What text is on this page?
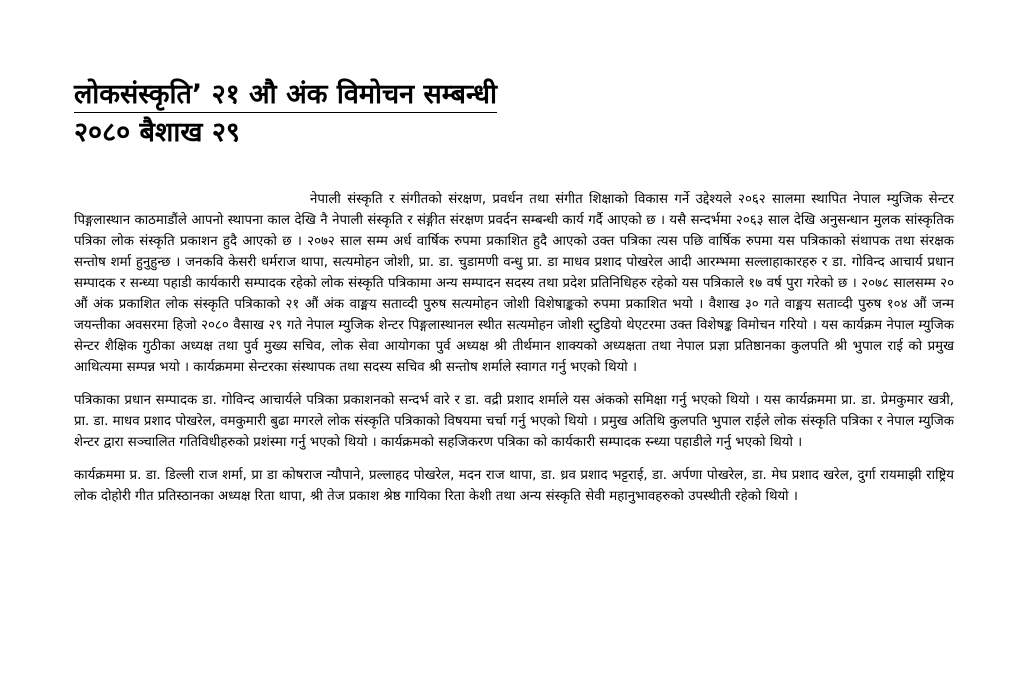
लोकसंस्कृति’ २१ औ अंक विमोचन सम्बन्धी
२०८० बैशाख २९

नेपाली संस्कृति र संगीतको संरक्षण, प्रवर्धन तथा संगीत शिक्षाको विकास गर्ने उद्देश्यले २०६२ सालमा स्थापित नेपाल म्युजिक सेन्टर पिङ्गलास्थान काठमाडौंले आपनो स्थापना काल देखि नै नेपाली संस्कृति र संङ्गीत संरक्षण प्रवर्दन सम्बन्धी कार्य गर्दै आएको छ । यसै सन्दर्भमा २०६३ साल देखि अनुसन्धान मुलक सांस्कृतिक पत्रिका लोक संस्कृति प्रकाशन हुदै आएको छ । २०७२ साल सम्म अर्ध वार्षिक रुपमा प्रकाशित हुदै आएको उक्त पत्रिका त्यस पछि वार्षिक रुपमा यस पत्रिकाको संथापक तथा संरक्षक सन्तोष शर्मा हुनुहुन्छ । जनकवि केसरी धर्मराज थापा, सत्यमोहन जोशी, प्रा. डा. चुडामणी वन्धु प्रा. डा माधव प्रशाद पोखरेल आदी आरम्भमा सल्लाहाकारहरु र डा. गोविन्द आचार्य प्रधान सम्पादक र सन्ध्या पहाडी कार्यकारी सम्पादक रहेको लोक संस्कृति पत्रिकामा अन्य सम्पादन सदस्य तथा प्रदेश प्रतिनिधिहरु रहेको यस पत्रिकाले १७ वर्ष पुरा गरेको छ । २०७८ सालसम्म २० औं अंक प्रकाशित लोक संस्कृति पत्रिकाको २१ औं अंक वाङ्मय सताव्दी पुरुष सत्यमोहन जोशी विशेषाङ्कको रुपमा प्रकाशित भयो । वैशाख ३० गते वाङ्मय सताव्दी पुरुष १०४ औं जन्म जयन्तीका अवसरमा हिजो २०८० वैसाख २९ गते नेपाल म्युजिक शेन्टर पिङ्गलास्थानल स्थीत सत्यमोहन जोशी स्टुडियो थेएटरमा उक्त विशेषङ्क विमोचन गरियो । यस कार्यक्रम नेपाल म्युजिक सेन्टर शैक्षिक गुठीका अध्यक्ष तथा पुर्व मुख्य सचिव, लोक सेवा आयोगका पुर्व अध्यक्ष श्री तीर्थमान शाक्यको अध्यक्षता तथा नेपाल प्रज्ञा प्रतिष्ठानका कुलपति श्री भुपाल राई को प्रमुख आथित्यमा सम्पन्न भयो । कार्यक्रममा सेन्टरका संस्थापक तथा सदस्य सचिव श्री सन्तोष शर्माले स्वागत गर्नु भएको थियो ।

पत्रिकाका प्रधान सम्पादक डा. गोविन्द आचार्यले पत्रिका प्रकाशनको सन्दर्भ वारे र डा. वद्री प्रशाद शर्माले यस अंकको समिक्षा गर्नु भएको थियो । यस कार्यक्रममा प्रा. डा. प्रेमकुमार खत्री, प्रा. डा. माधव प्रशाद पोखरेल, वमकुमारी बुढा मगरले लोक संस्कृति पत्रिकाको विषयमा चर्चा गर्नु भएको थियो । प्रमुख अतिथि कुलपति भुपाल राईले लोक संस्कृति पत्रिका र नेपाल म्युजिक शेन्टर द्वारा सञ्चालित गतिविधीहरुको प्रशंस्मा गर्नु भएको थियो । कार्यक्रमको सहजिकरण पत्रिका को कार्यकारी सम्पादक स्न्ध्या पहाडीले गर्नु भएको थियो ।

कार्यक्रममा प्र. डा. डिल्ली राज शर्मा, प्रा डा कोषराज न्यौपाने, प्रल्लाहद पोखरेल, मदन राज थापा, डा. ध्रव प्रशाद भट्टराई, डा. अर्पणा पोखरेल, डा. मेघ प्रशाद खरेल, दुर्गा रायमाझी राष्ट्रिय लोक दोहोरी गीत प्रतिस्ठानका अध्यक्ष रिता थापा, श्री तेज प्रकाश श्रेष्ठ गायिका रिता केशी तथा अन्य संस्कृति सेवी महानुभावहरुको उपस्थीती रहेको थियो ।
